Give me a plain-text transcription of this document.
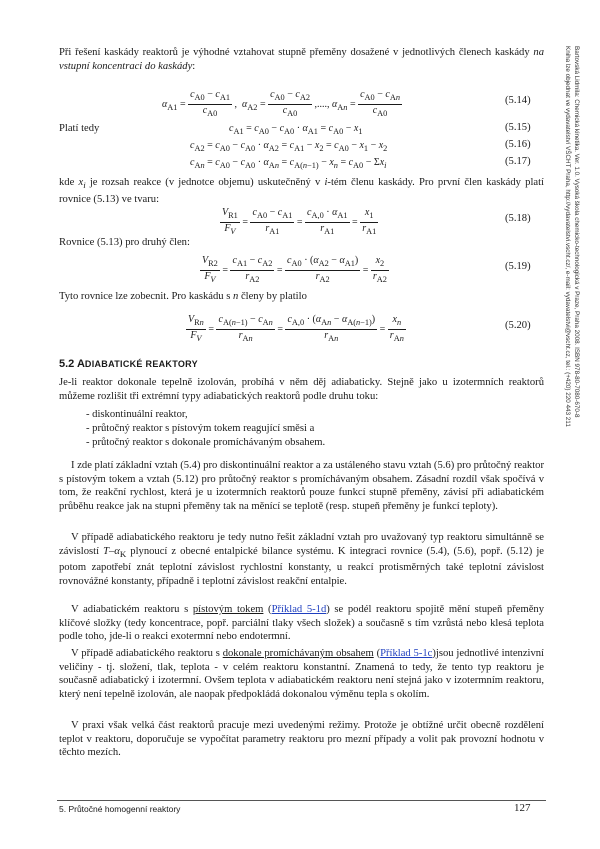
Při řešení kaskády reaktorů je výhodné vztahovat stupně přeměny dosažené v jednotlivých členech kaskády na vstupní koncentraci do kaskády:
$\alpha_{A1} = \frac{c_{A0} - c_{A1}}{c_{A0}}$ ,  $\alpha_{A2} = \frac{c_{A0} - c_{A2}}{c_{A0}}$ ,...., $\alpha_{An} = \frac{c_{A0} - c_{An}}{c_{A0}}$	(5.14)
Platí tedy	$c_{A1} = c_{A0} - c_{A0} \cdot \alpha_{A1} = c_{A0} - x_1$	(5.15)
$c_{A2} = c_{A0} - c_{A0} \cdot \alpha_{A2} = c_{A1} - x_2 = c_{A0} - x_1 - x_2$	(5.16)
$c_{An} = c_{A0} - c_{A0} \cdot \alpha_{An} = c_{A(n-1)} - x_n = c_{A0} - \Sigma x_i$	(5.17)
kde $x_i$ je rozsah reakce (v jednotce objemu) uskutečněný v i-tém členu kaskády. Pro první člen kaskády platí rovnice (5.13) ve tvaru:
$\frac{V_{R1}}{F_V} = \frac{c_{A0} - c_{A1}}{r_{A1}} = \frac{c_{A,0} \cdot \alpha_{A1}}{r_{A1}} = \frac{x_1}{r_{A1}}$	(5.18)
Rovnice (5.13) pro druhý člen:
$\frac{V_{R2}}{F_V} = \frac{c_{A1} - c_{A2}}{r_{A2}} = \frac{c_{A0} \cdot (\alpha_{A2} - \alpha_{A1})}{r_{A2}} = \frac{x_2}{r_{A2}}$	(5.19)
Tyto rovnice lze zobecnit. Pro kaskádu s n členy by platilo
$\frac{V_{Rn}}{F_V} = \frac{c_{A(n-1)} - c_{An}}{r_{An}} = \frac{c_{A,0} \cdot (\alpha_{An} - \alpha_{A(n-1)})}{r_{An}} = \frac{x_n}{r_{An}}$	(5.20)
5.2 ADIABATICKÉ REAKTORY
Je-li reaktor dokonale tepelně izolován, probíhá v něm děj adiabaticky. Stejně jako u izotermních reaktorů můžeme rozlišit tři extrémní typy adiabatických reaktorů podle druhu toku:
- diskontinuální reaktor,
- průtočný reaktor s pístovým tokem reagující směsi a
- průtočný reaktor s dokonale promíchávaným obsahem.
I zde platí základní vztah (5.4) pro diskontinuální reaktor a za ustáleného stavu vztah (5.6) pro průtočný reaktor s pístovým tokem a vztah (5.12) pro průtočný reaktor s promíchávaným obsahem. Zásadní rozdíl však spočívá v tom, že reakční rychlost, která je u izotermních reaktorů pouze funkcí stupně přeměny, závisí při adiabatickém průběhu reakce jak na stupni přeměny tak na měnící se teplotě (resp. stupeň přeměny je funkcí teploty).
V případě adiabatického reaktoru je tedy nutno řešit základní vztah pro uvažovaný typ reaktoru simultánně se závislostí $T-\alpha_K$ plynoucí z obecné entalpické bilance systému. K integraci rovnice (5.4), (5.6), popř. (5.12) je potom zapotřebí znát teplotní závislost rychlostní konstanty, u reakcí protisměrných také teplotní závislost rovnovážné konstanty, případně i teplotní závislost reakční entalpie.
V adiabatickém reaktoru s pístovým tokem (Příklad 5-1d) se podél reaktoru spojitě mění stupeň přeměny klíčové složky (tedy koncentrace, popř. parciální tlaky všech složek) a současně s tím vzrůstá nebo klesá teplota podle toho, jde-li o reakci exotermní nebo endotermní.
V případě adiabatického reaktoru s dokonale promíchávaným obsahem (Příklad 5-1c)jsou jednotlivé intenzivní veličiny - tj. složení, tlak, teplota - v celém reaktoru konstantní. Znamená to tedy, že tento typ reaktoru je současně adiabatický i izotermní. Ovšem teplota v adiabatickém reaktoru není stejná jako v izotermním reaktoru, který není tepelně izolován, ale naopak předpokládá dokonalou výměnu tepla s okolím.
V praxi však velká část reaktorů pracuje mezi uvedenými režimy. Protože je obtížné určit obecně rozdělení teplot v reaktoru, doporučuje se vypočítat parametry reaktoru pro mezní případy a volit pak provozní hodnotu v těchto mezích.
5. Průtočné homogenní reaktory	127
Bartovská Lidmila: Chemická kinetika. Ver. 1.0. Vysoká škola chemicko-technologická v Praze, Praha 2008. ISBN 978-80-7080-670-8
Kniha lze objednat ve vydavatelství VŠCHT Praha, http://vydavatelstvi.vscht.cz/, e-mail: vydavatelstvi@vscht.cz, tel.: (+420) 220 443 211
